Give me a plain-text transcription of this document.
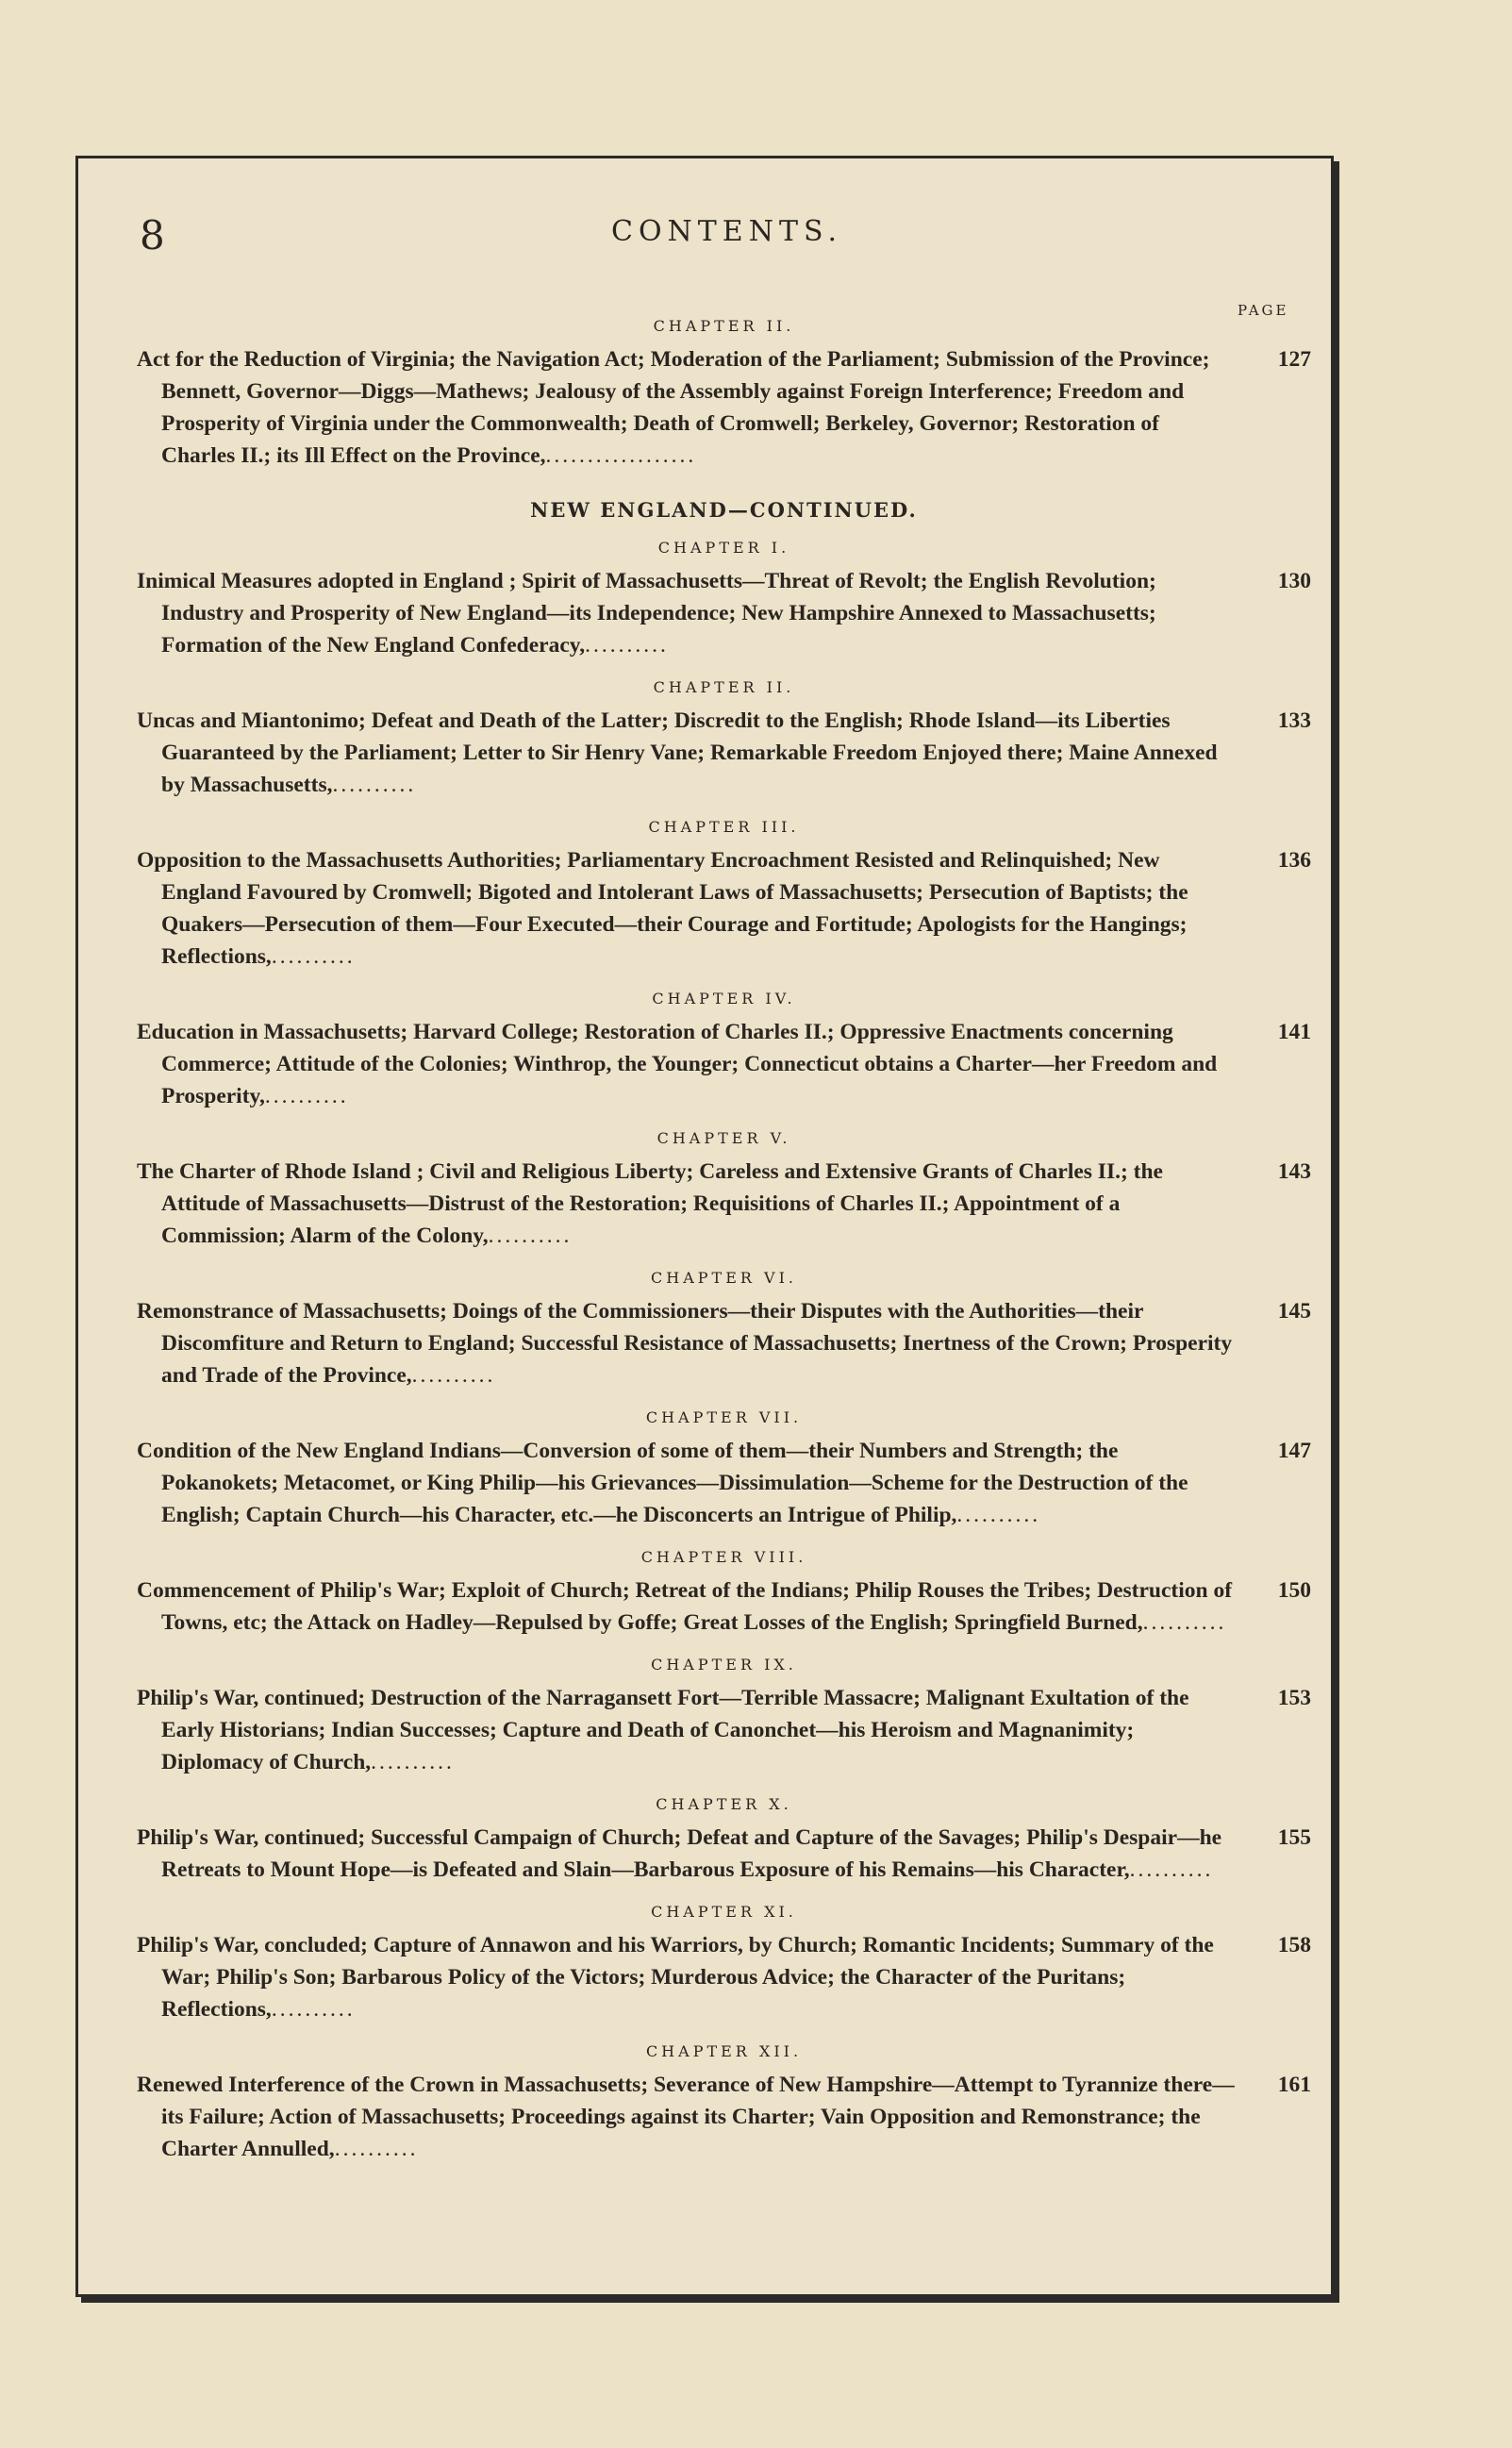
8	CONTENTS.
PAGE
CHAPTER II.
127
Act for the Reduction of Virginia; the Navigation Act; Moderation of the Parliament; Submission of the Province; Bennett, Governor—Diggs—Mathews; Jealousy of the Assembly against Foreign Interference; Freedom and Prosperity of Virginia under the Commonwealth; Death of Cromwell; Berkeley, Governor; Restoration of Charles II.; its Ill Effect on the Province,..................
NEW ENGLAND—CONTINUED.
CHAPTER I.
130
Inimical Measures adopted in England ; Spirit of Massachusetts—Threat of Revolt; the English Revolution; Industry and Prosperity of New England—its Independence; New Hampshire Annexed to Massachusetts; Formation of the New England Confederacy,..........
CHAPTER II.
133
Uncas and Miantonimo; Defeat and Death of the Latter; Discredit to the English; Rhode Island—its Liberties Guaranteed by the Parliament; Letter to Sir Henry Vane; Remarkable Freedom Enjoyed there; Maine Annexed by Massachusetts,..........
CHAPTER III.
136
Opposition to the Massachusetts Authorities; Parliamentary Encroachment Resisted and Relinquished; New England Favoured by Cromwell; Bigoted and Intolerant Laws of Massachusetts; Persecution of Baptists; the Quakers—Persecution of them—Four Executed—their Courage and Fortitude; Apologists for the Hangings; Reflections,..........
CHAPTER IV.
141
Education in Massachusetts; Harvard College; Restoration of Charles II.; Oppressive Enactments concerning Commerce; Attitude of the Colonies; Winthrop, the Younger; Connecticut obtains a Charter—her Freedom and Prosperity,..........
CHAPTER V.
143
The Charter of Rhode Island ; Civil and Religious Liberty; Careless and Extensive Grants of Charles II.; the Attitude of Massachusetts—Distrust of the Restoration; Requisitions of Charles II.; Appointment of a Commission; Alarm of the Colony,..........
CHAPTER VI.
145
Remonstrance of Massachusetts; Doings of the Commissioners—their Disputes with the Authorities—their Discomfiture and Return to England; Successful Resistance of Massachusetts; Inertness of the Crown; Prosperity and Trade of the Province,..........
CHAPTER VII.
147
Condition of the New England Indians—Conversion of some of them—their Numbers and Strength; the Pokanokets; Metacomet, or King Philip—his Grievances—Dissimulation—Scheme for the Destruction of the English; Captain Church—his Character, etc.—he Disconcerts an Intrigue of Philip,..........
CHAPTER VIII.
150
Commencement of Philip's War; Exploit of Church; Retreat of the Indians; Philip Rouses the Tribes; Destruction of Towns, etc; the Attack on Hadley—Repulsed by Goffe; Great Losses of the English; Springfield Burned,..........
CHAPTER IX.
153
Philip's War, continued; Destruction of the Narragansett Fort—Terrible Massacre; Malignant Exultation of the Early Historians; Indian Successes; Capture and Death of Canonchet—his Heroism and Magnanimity; Diplomacy of Church,..........
CHAPTER X.
155
Philip's War, continued; Successful Campaign of Church; Defeat and Capture of the Savages; Philip's Despair—he Retreats to Mount Hope—is Defeated and Slain—Barbarous Exposure of his Remains—his Character,..........
CHAPTER XI.
158
Philip's War, concluded; Capture of Annawon and his Warriors, by Church; Romantic Incidents; Summary of the War; Philip's Son; Barbarous Policy of the Victors; Murderous Advice; the Character of the Puritans; Reflections,..........
CHAPTER XII.
161
Renewed Interference of the Crown in Massachusetts; Severance of New Hampshire—Attempt to Tyrannize there—its Failure; Action of Massachusetts; Proceedings against its Charter; Vain Opposition and Remonstrance; the Charter Annulled,..........
